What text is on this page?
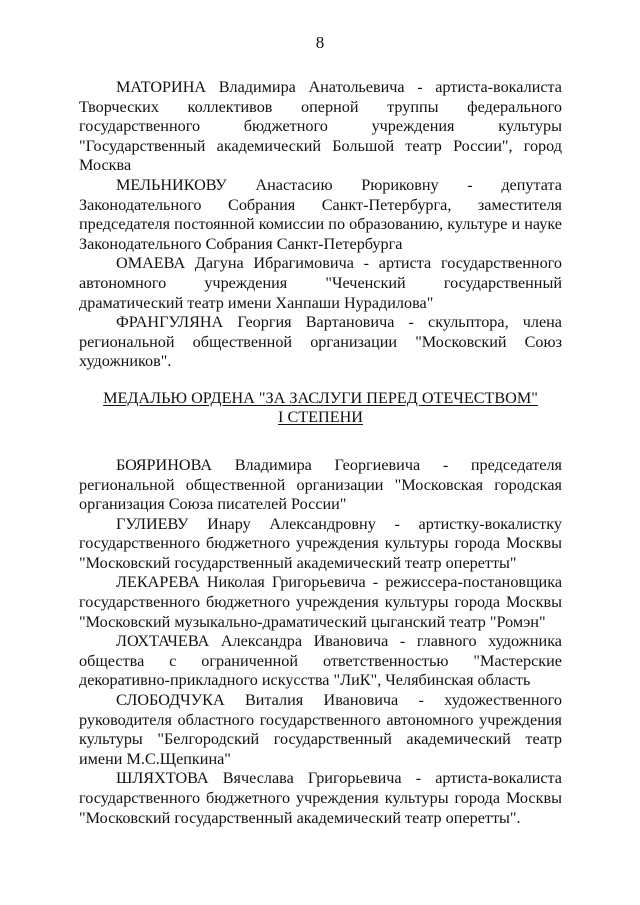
8

МАТОРИНА Владимира Анатольевича - артиста-вокалиста Творческих коллективов оперной труппы федерального государственного бюджетного учреждения культуры "Государственный академический Большой театр России", город Москва

МЕЛЬНИКОВУ Анастасию Рюриковну - депутата Законодательного Собрания Санкт-Петербурга, заместителя председателя постоянной комиссии по образованию, культуре и науке Законодательного Собрания Санкт-Петербурга

ОМАЕВА Дагуна Ибрагимовича - артиста государственного автономного учреждения "Чеченский государственный драматический театр имени Ханпаши Нурадилова"

ФРАНГУЛЯНА Георгия Вартановича - скульптора, члена региональной общественной организации "Московский Союз художников".

МЕДАЛЬЮ ОРДЕНА "ЗА ЗАСЛУГИ ПЕРЕД ОТЕЧЕСТВОМ"
I СТЕПЕНИ

БОЯРИНОВА Владимира Георгиевича - председателя региональной общественной организации "Московская городская организация Союза писателей России"

ГУЛИЕВУ Инару Александровну - артистку-вокалистку государственного бюджетного учреждения культуры города Москвы "Московский государственный академический театр оперетты"

ЛЕКАРЕВА Николая Григорьевича - режиссера-постановщика государственного бюджетного учреждения культуры города Москвы "Московский музыкально-драматический цыганский театр "Ромэн"

ЛОХТАЧЕВА Александра Ивановича - главного художника общества с ограниченной ответственностью "Мастерские декоративно-прикладного искусства "ЛиК", Челябинская область

СЛОБОДЧУКА Виталия Ивановича - художественного руководителя областного государственного автономного учреждения культуры "Белгородский государственный академический театр имени М.С.Щепкина"

ШЛЯХТОВА Вячеслава Григорьевича - артиста-вокалиста государственного бюджетного учреждения культуры города Москвы "Московский государственный академический театр оперетты".
